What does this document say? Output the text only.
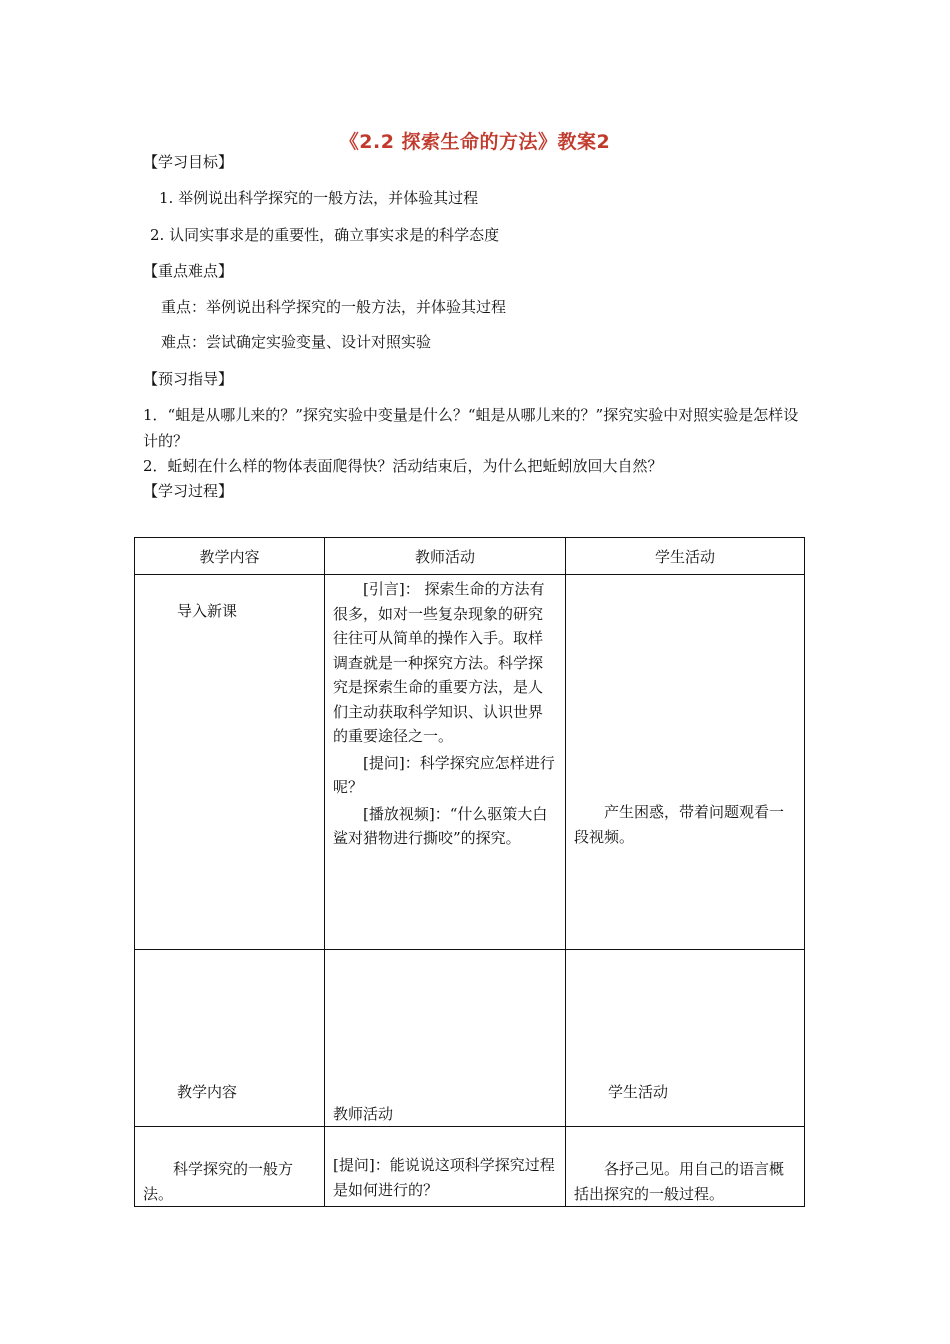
《2.2 探索生命的方法》教案2
【学习目标】
1. 举例说出科学探究的一般方法，并体验其过程
2. 认同实事求是的重要性，确立事实求是的科学态度
【重点难点】
重点：举例说出科学探究的一般方法，并体验其过程
难点：尝试确定实验变量、设计对照实验
【预习指导】
1．“蛆是从哪儿来的？”探究实验中变量是什么？“蛆是从哪儿来的？”探究实验中对照实验是怎样设计的？
2．蚯蚓在什么样的物体表面爬得快？活动结束后，为什么把蚯蚓放回大自然？
【学习过程】
教学内容	教师活动	学生活动

导入新课	[引言]： 探索生命的方法有很多，如对一些复杂现象的研究往往可从简单的操作入手。取样调查就是一种探究方法。科学探究是探索生命的重要方法，是人们主动获取科学知识、认识世界的重要途径之一。
[提问]：科学探究应怎样进行呢？
[播放视频]：“什么驱策大白鲨对猎物进行撕咬”的探究。	产生困惑，带着问题观看一段视频。

教学内容	教师活动	学生活动

科学探究的一般方法。	[提问]：能说说这项科学探究过程是如何进行的？	各抒己见。用自己的语言概括出探究的一般过程。
